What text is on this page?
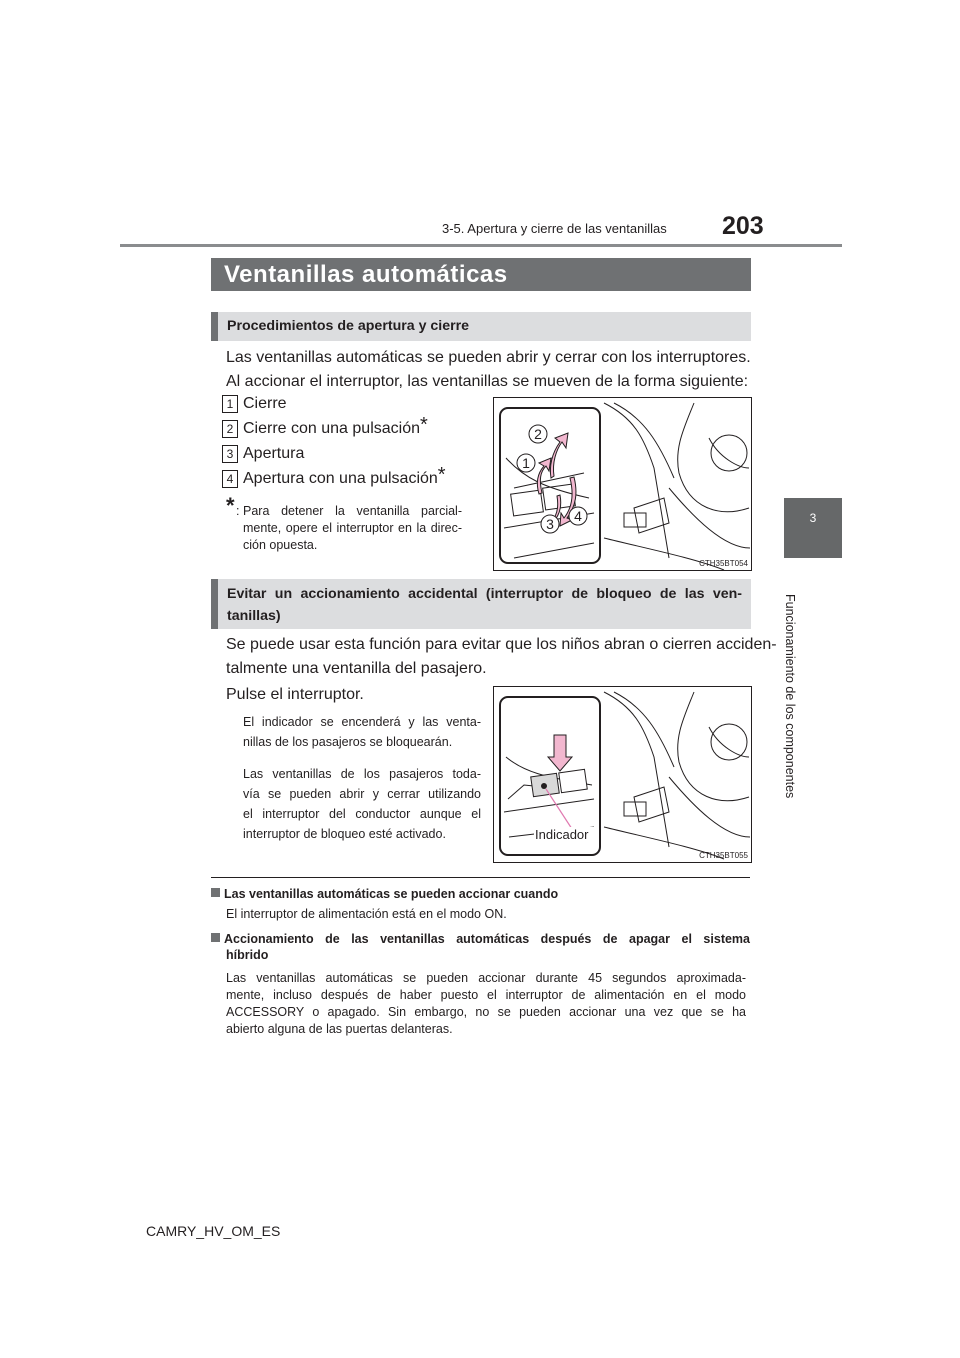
3-5. Apertura y cierre de las ventanillas 203
3
Funcionamiento de los componentes
Ventanillas automáticas
Procedimientos de apertura y cierre
Las ventanillas automáticas se pueden abrir y cerrar con los interruptores.
Al accionar el interruptor, las ventanillas se mueven de la forma siguiente:
1 Cierre
2 Cierre con una pulsación*
3 Apertura
4 Apertura con una pulsación*
* : Para detener la ventanilla parcial-
mente, opere el interruptor en la direc-
ción opuesta.
2
1
3 4
CTH35BT054
Evitar un accionamiento accidental (interruptor de bloqueo de las ven-
tanillas)
Se puede usar esta función para evitar que los niños abran o cierren acciden-
talmente una ventanilla del pasajero.
Pulse el interruptor.
El indicador se encenderá y las venta-
nillas de los pasajeros se bloquearán.
Las ventanillas de los pasajeros toda-
vía se pueden abrir y cerrar utilizando
el interruptor del conductor aunque el
interruptor de bloqueo esté activado.	Indicador
CTH35BT055
Las ventanillas automáticas se pueden accionar cuando
El interruptor de alimentación está en el modo ON.
Accionamiento de las ventanillas automáticas después de apagar el sistema
híbrido
Las ventanillas automáticas se pueden accionar durante 45 segundos aproximada-
mente, incluso después de haber puesto el interruptor de alimentación en el modo
ACCESSORY o apagado. Sin embargo, no se pueden accionar una vez que se ha
abierto alguna de las puertas delanteras.
CAMRY_HV_OM_ES
